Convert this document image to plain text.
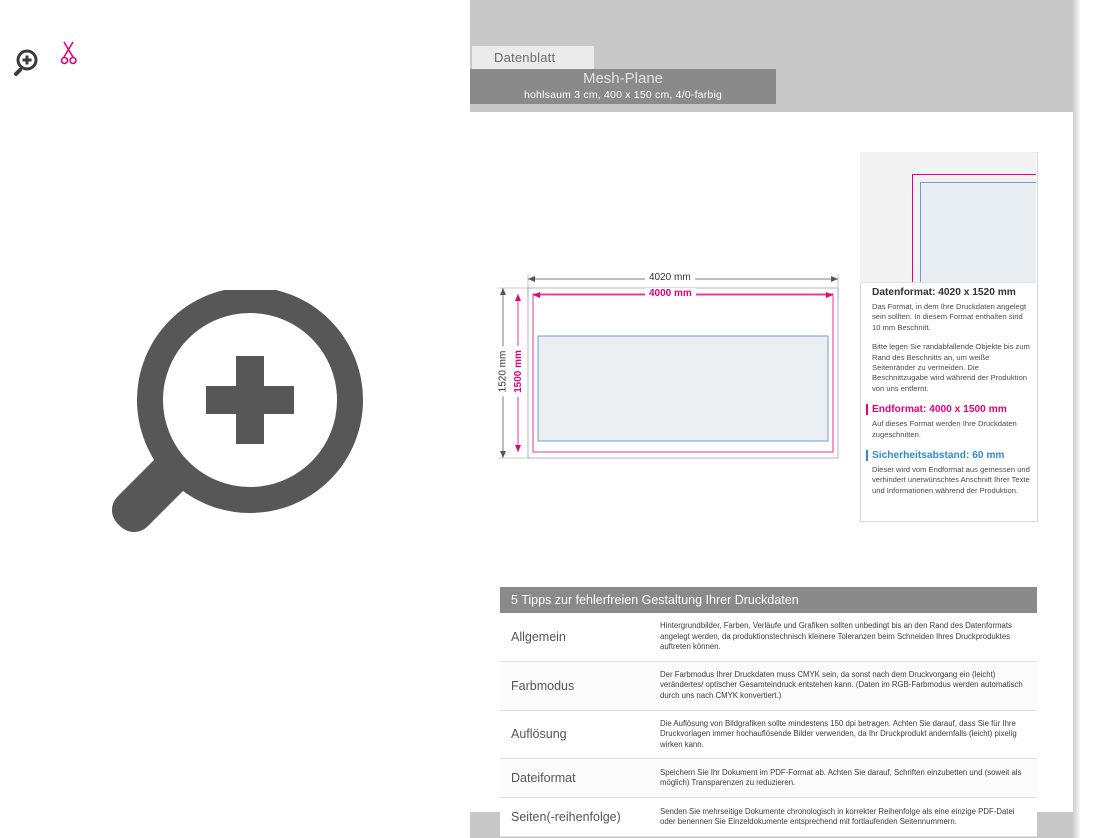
Datenblatt
Mesh-Plane
hohlsaum 3 cm, 400 x 150 cm, 4/0-farbig
Datenformat: 4020 x 1520 mm
Das Format, in dem Ihre Druckdaten angelegt sein sollten. In diesem Format enthalten sind 10 mm Beschnitt.
Bitte legen Sie randabfallende Objekte bis zum Rand des Beschnitts an, um weiße Seitenränder zu vermeiden. Die Beschnittzugabe wird während der Produktion von uns entfernt.
Endformat: 4000 x 1500 mm
Auf dieses Format werden Ihre Druckdaten zugeschnitten.
Sicherheitsabstand: 60 mm
Dieser wird vom Endformat aus gemessen und verhindert unerwünschtes Anschnitt Ihrer Texte und Informationen während der Produktion.
4020 mm
4000 mm
1520 mm 1500 mm
5 Tipps zur fehlerfreien Gestaltung Ihrer Druckdaten
Allgemein
Hintergrundbilder, Farben, Verläufe und Grafiken sollten unbedingt bis an den Rand des Datenformats angelegt werden, da produktionstechnisch kleinere Toleranzen beim Schneiden Ihres Druckproduktes auftreten können.
Farbmodus
Der Farbmodus Ihrer Druckdaten muss CMYK sein, da sonst nach dem Druckvorgang ein (leicht) verändertes/ optischer Gesamteindruck entstehen kann. (Daten im RGB-Farbmodus werden automatisch durch uns nach CMYK konvertiert.)
Auflösung
Die Auflösung von Bildgrafiken sollte mindestens 150 dpi betragen. Achten Sie darauf, dass Sie für Ihre Druckvorlagen immer hochauflösende Bilder verwenden, da Ihr Druckprodukt andernfalls (leicht) pixelig wirken kann.
Dateiformat	Speichern Sie Ihr Dokument im PDF-Format ab. Achten Sie darauf, Schriften einzubetten und (soweit als möglich) Transparenzen zu reduzieren.
Seiten(-reihenfolge)	Senden Sie mehrseitige Dokumente chronologisch in korrekter Reihenfolge als eine einzige PDF-Datei oder benennen Sie Einzeldokumente entsprechend mit fortlaufenden Seitennummern.
